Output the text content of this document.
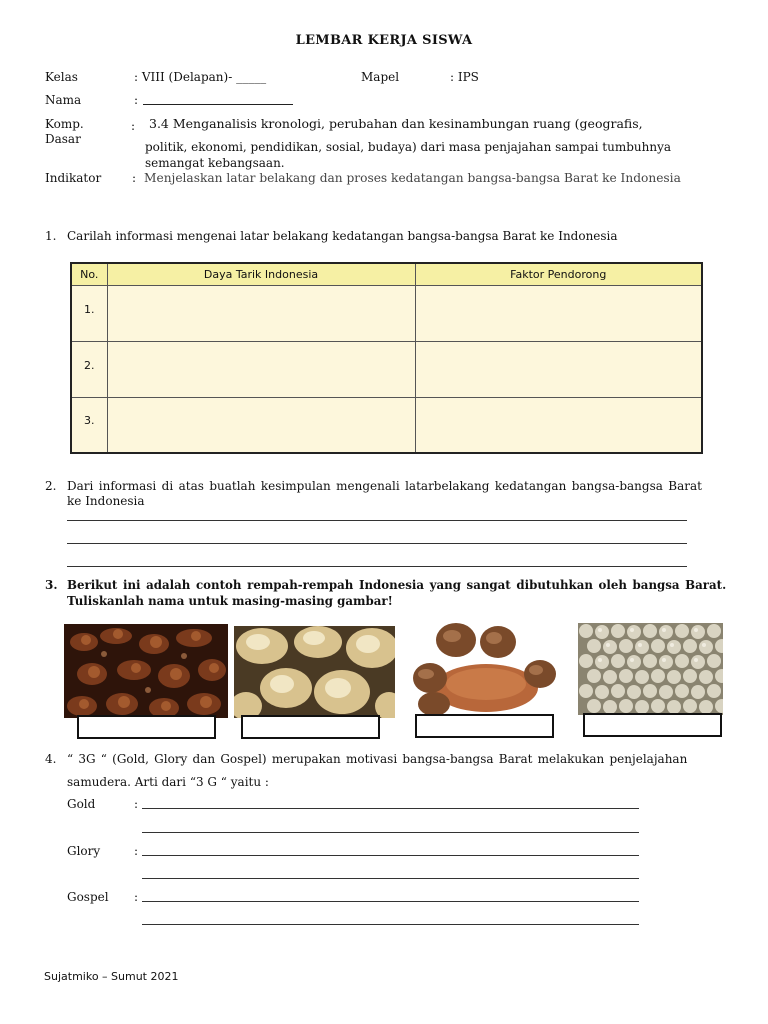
LEMBAR KERJA SISWA
Kelas	: VIII (Delapan)- _____	Mapel	: IPS
Nama	:
Komp.
Dasar
: 3.4 Menganalisis kronologi, perubahan dan kesinambungan ruang (geografis,
politik, ekonomi, pendidikan, sosial, budaya) dari masa penjajahan sampai tumbuhnya
semangat kebangsaan.
Indikator	: Menjelaskan latar belakang dan proses kedatangan bangsa-bangsa Barat ke Indonesia
1. Carilah informasi mengenai latar belakang kedatangan bangsa-bangsa Barat ke Indonesia
No.	Daya Tarik Indonesia	Faktor Pendorong
1.		
2.		
3.		
2. Dari informasi di atas buatlah kesimpulan mengenali latarbelakang kedatangan bangsa-bangsa Barat
ke Indonesia
3. Berikut ini adalah contoh rempah-rempah Indonesia yang sangat dibutuhkan oleh bangsa Barat.
Tuliskanlah nama untuk masing-masing gambar!
4. “ 3G “ (Gold, Glory dan Gospel) merupakan motivasi bangsa-bangsa Barat melakukan penjelajahan
samudera. Arti dari “3 G “ yaitu :
Gold	:
Glory	:
Gospel :
Sujatmiko – Sumut 2021
